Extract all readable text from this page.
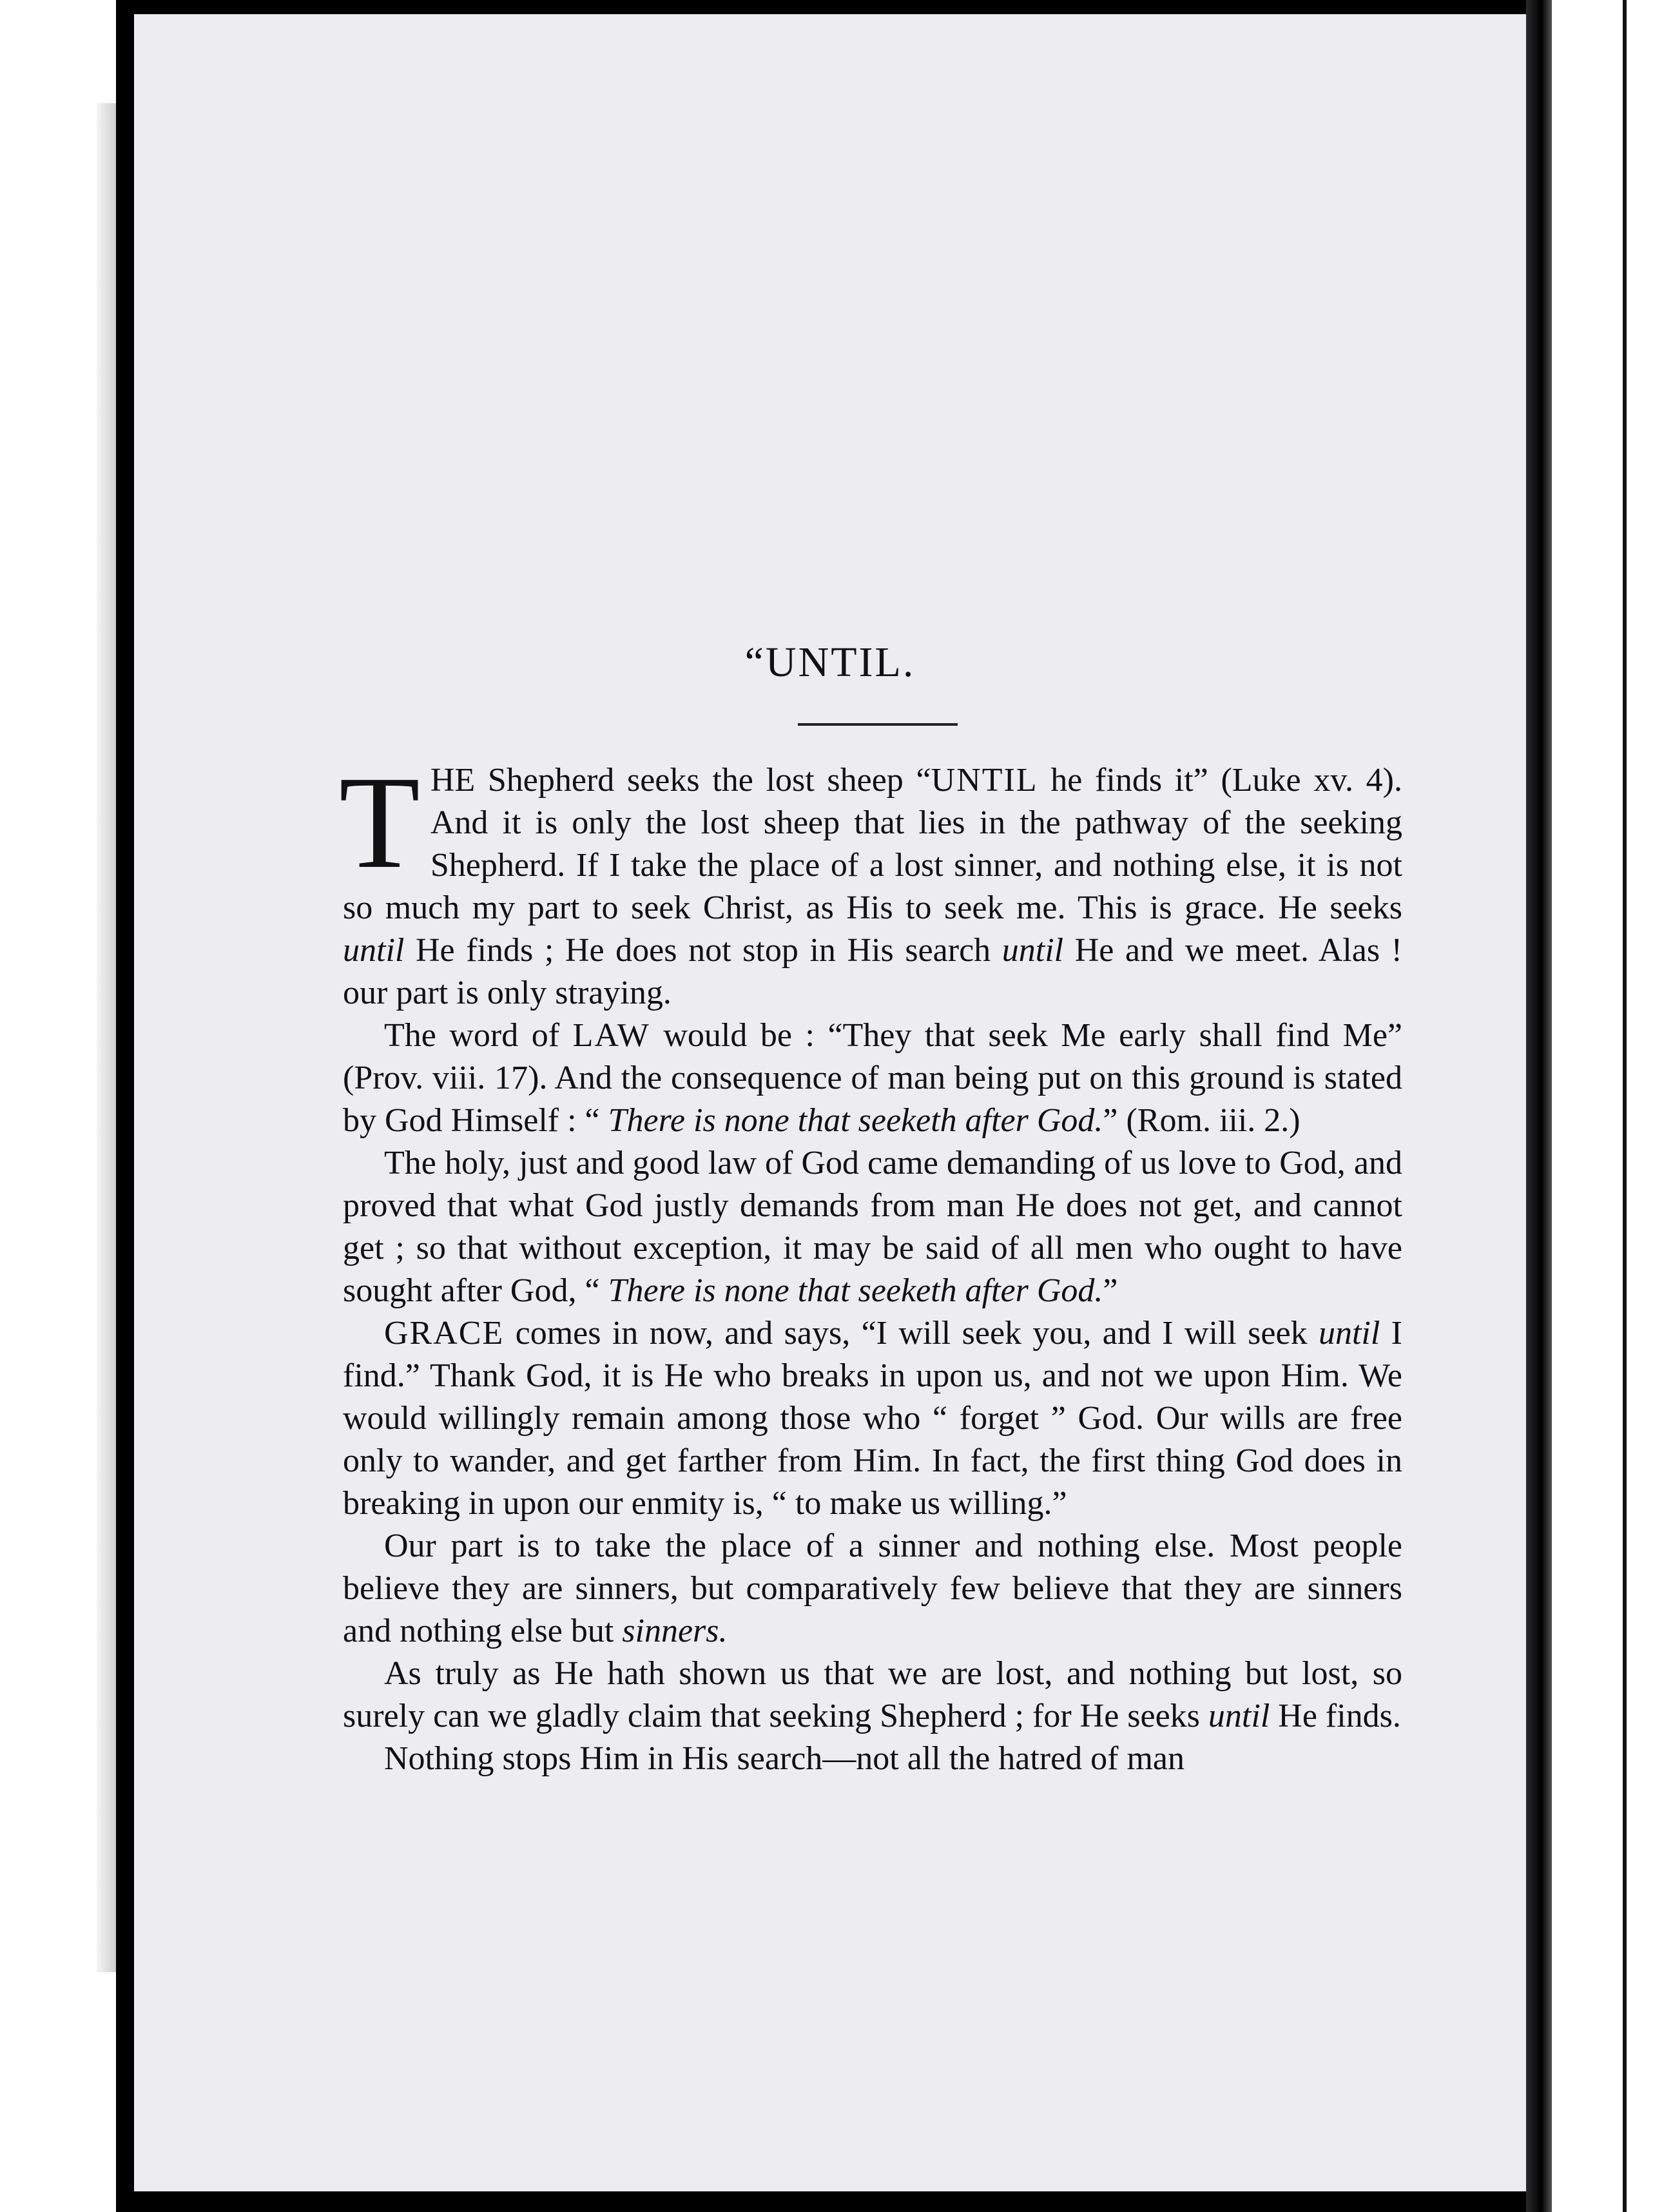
“UNTIL.

THE Shepherd seeks the lost sheep “UNTIL he finds it” (Luke xv. 4). And it is only the lost sheep that lies in the pathway of the seeking Shepherd. If I take the place of a lost sinner, and nothing else, it is not so much my part to seek Christ, as His to seek me. This is grace. He seeks until He finds ; He does not stop in His search until He and we meet. Alas ! our part is only straying.

The word of LAW would be : “They that seek Me early shall find Me” (Prov. viii. 17). And the consequence of man being put on this ground is stated by God Himself : “ There is none that seeketh after God.” (Rom. iii. 2.)

The holy, just and good law of God came demanding of us love to God, and proved that what God justly demands from man He does not get, and cannot get ; so that without exception, it may be said of all men who ought to have sought after God, “ There is none that seeketh after God.”

GRACE comes in now, and says, “I will seek you, and I will seek until I find.” Thank God, it is He who breaks in upon us, and not we upon Him. We would willingly remain among those who “ forget ” God. Our wills are free only to wander, and get farther from Him. In fact, the first thing God does in breaking in upon our enmity is, “ to make us willing.”

Our part is to take the place of a sinner and nothing else. Most people believe they are sinners, but comparatively few believe that they are sinners and nothing else but sinners.

As truly as He hath shown us that we are lost, and nothing but lost, so surely can we gladly claim that seeking Shepherd ; for He seeks until He finds.

Nothing stops Him in His search—not all the hatred of man
